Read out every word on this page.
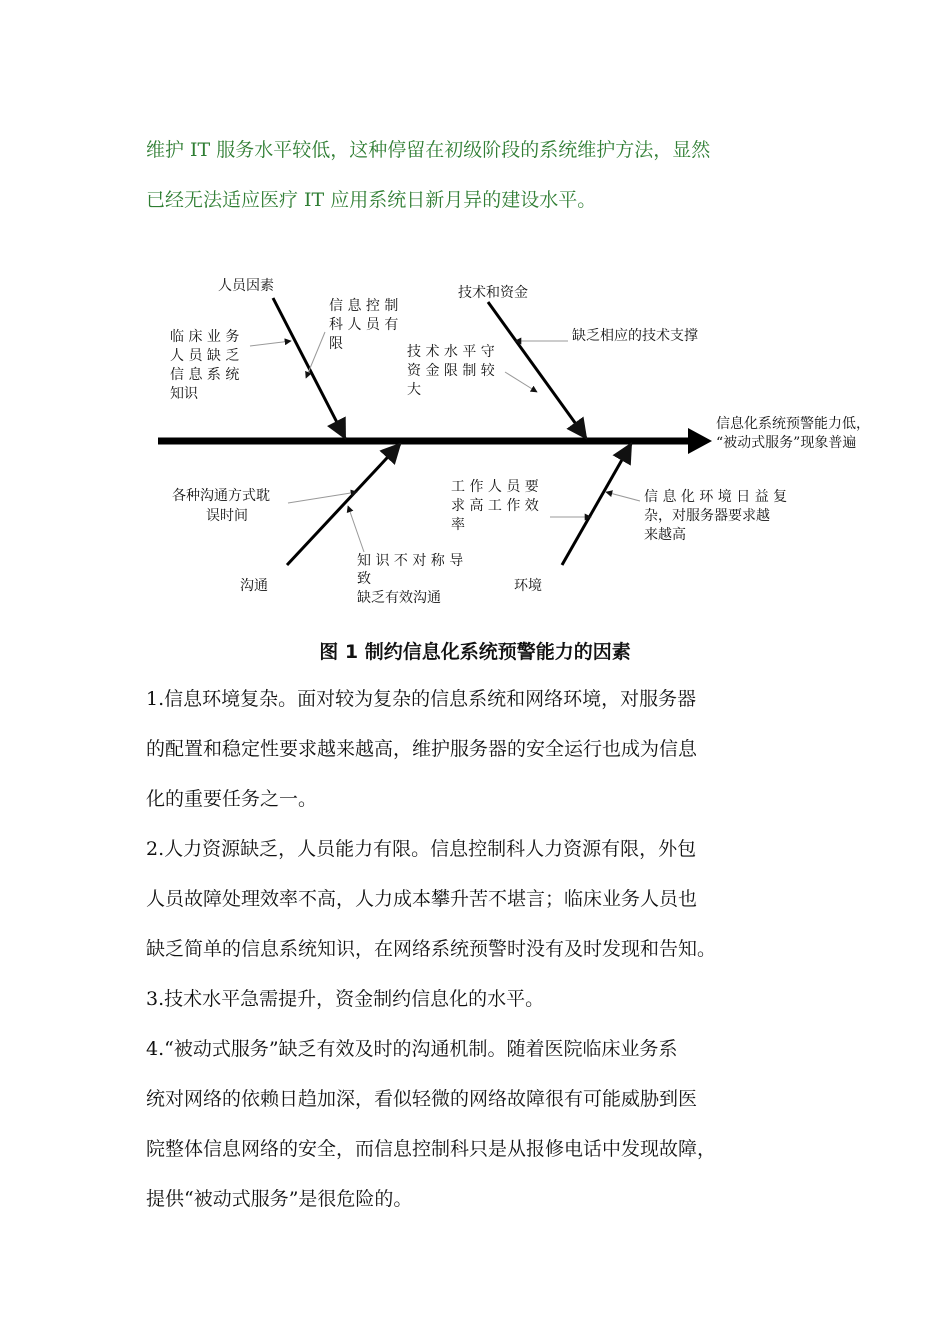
维护 IT 服务水平较低，这种停留在初级阶段的系统维护方法，显然
已经无法适应医疗 IT 应用系统日新月异的建设水平。
人员因素	技术和资金
沟通	环境
临 床 业 务
人 员 缺 乏
信 息 系 统
知识
信 息 控 制
科 人 员 有
限	技 术 水 平 守
资 金 限 制 较
大
缺乏相应的技术支撑
信息化系统预警能力低，
“被动式服务”现象普遍
各种沟通方式耽
误时间
知 识 不 对 称 导
致
缺乏有效沟通
工 作 人 员 要
求 高 工 作 效
率
信 息 化 环 境 日 益 复
杂，对服务器要求越
来越高
图 1 制约信息化系统预警能力的因素
1.信息环境复杂。面对较为复杂的信息系统和网络环境，对服务器
的配置和稳定性要求越来越高，维护服务器的安全运行也成为信息
化的重要任务之一。
2.人力资源缺乏，人员能力有限。信息控制科人力资源有限，外包
人员故障处理效率不高，人力成本攀升苦不堪言；临床业务人员也
缺乏简单的信息系统知识，在网络系统预警时没有及时发现和告知。
3.技术水平急需提升，资金制约信息化的水平。
4.“被动式服务”缺乏有效及时的沟通机制。随着医院临床业务系
统对网络的依赖日趋加深，看似轻微的网络故障很有可能威胁到医
院整体信息网络的安全，而信息控制科只是从报修电话中发现故障，
提供“被动式服务”是很危险的。
